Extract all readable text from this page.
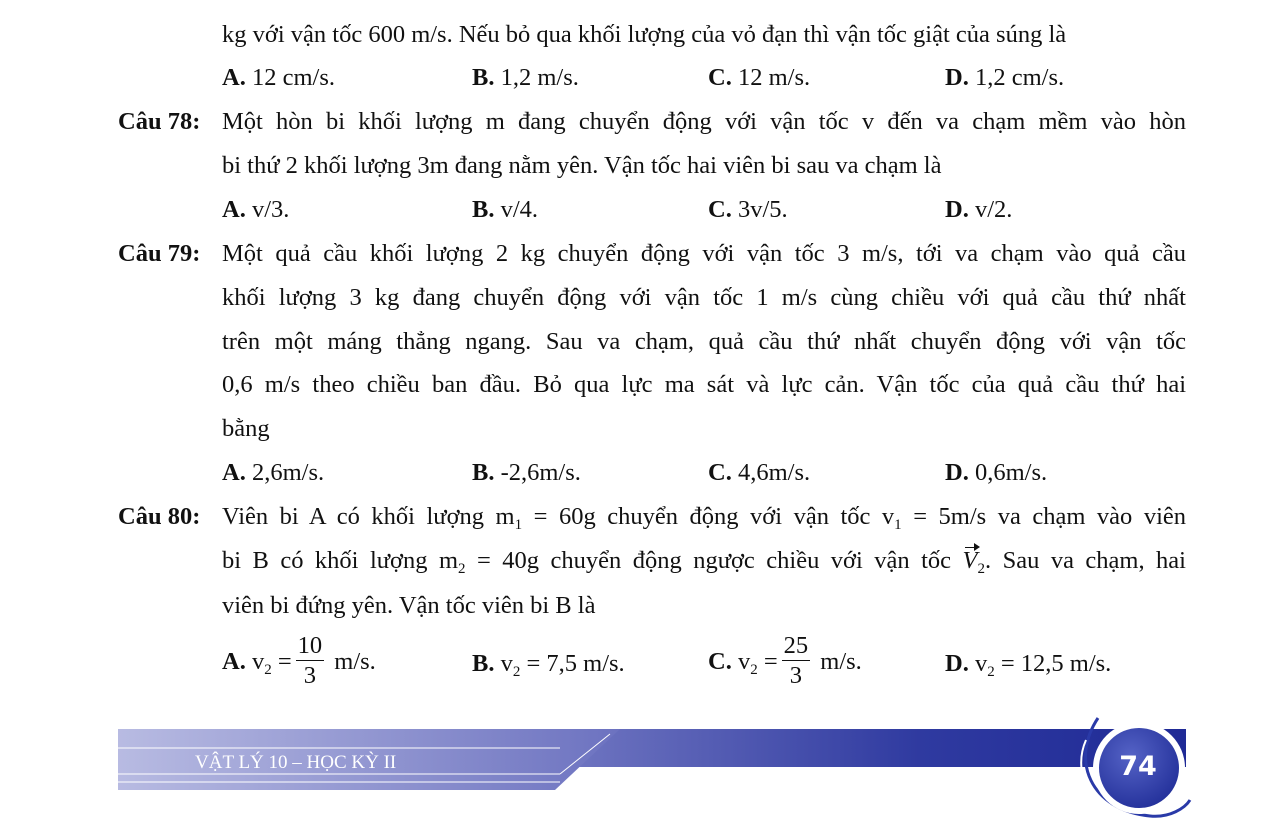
kg với vận tốc 600 m/s. Nếu bỏ qua khối lượng của vỏ đạn thì vận tốc giật của súng là
A. 12 cm/s.	B. 1,2 m/s.	C. 12 m/s.	D. 1,2 cm/s.
Câu 78: Một hòn bi khối lượng m đang chuyển động với vận tốc v đến va chạm mềm vào hòn
bi thứ 2 khối lượng 3m đang nằm yên. Vận tốc hai viên bi sau va chạm là
A. v/3.	B. v/4.	C. 3v/5.	D. v/2.
Câu 79: Một quả cầu khối lượng 2 kg chuyển động với vận tốc 3 m/s, tới va chạm vào quả cầu
khối lượng 3 kg đang chuyển động với vận tốc 1 m/s cùng chiều với quả cầu thứ nhất
trên một máng thẳng ngang. Sau va chạm, quả cầu thứ nhất chuyển động với vận tốc
0,6 m/s theo chiều ban đầu. Bỏ qua lực ma sát và lực cản. Vận tốc của quả cầu thứ hai
bằng
A. 2,6m/s.	B. -2,6m/s.	C. 4,6m/s.	D. 0,6m/s.
Câu 80: Viên bi A có khối lượng $m_1 = 60g$ chuyển động với vận tốc $v_1 = 5m/s$ va chạm vào viên
bi B có khối lượng $m_2 = 40g$ chuyển động ngược chiều với vận tốc $V_2$. Sau va chạm, hai
viên bi đứng yên. Vận tốc viên bi B là
A. $v_2 = \frac{10}{3} m/s$.	B. $v_2 = 7,5$ m/s.	C. $v_2 = \frac{25}{3} m/s$.	D. $v_2 = 12,5$ m/s.
VẬT LÝ 10 – HỌC KỲ II	74
